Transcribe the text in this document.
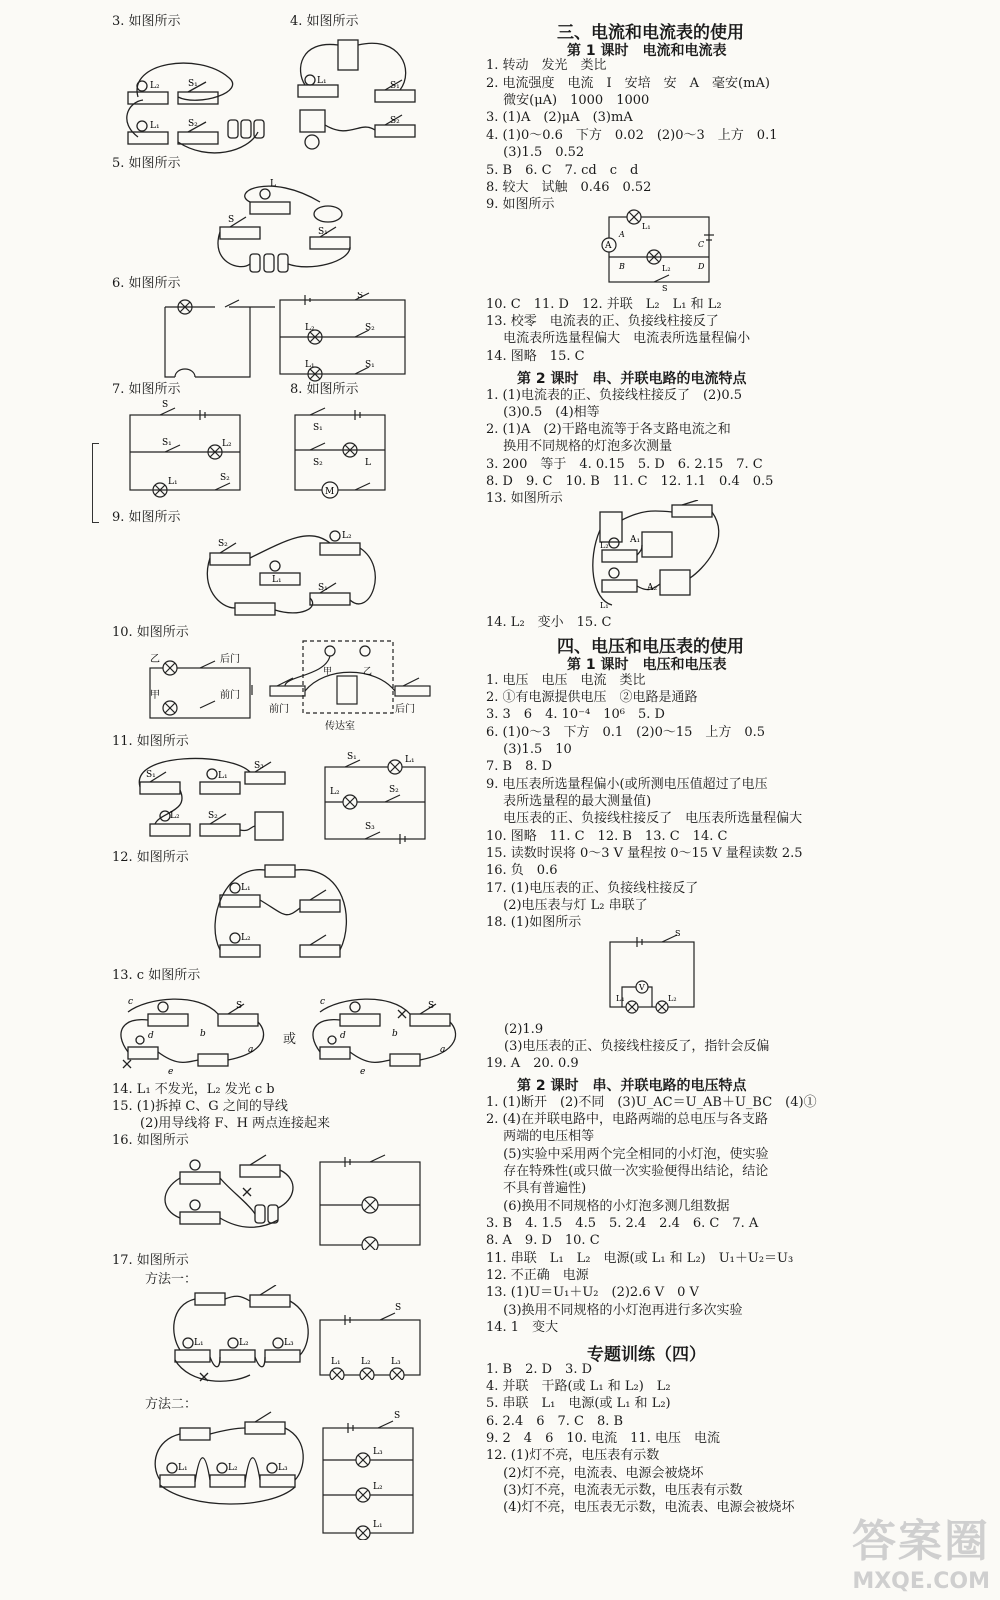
3. 如图所示	4. 如图所示
L₂
L₁
S₁
S₂
L₁	S₁
S₂
5. 如图所示
L
S
S₁
6. 如图所示
S
L₂	S₂
L₁	S₁
7. 如图所示	8. 如图所示
S
S₁	L₂
L₁	S₂
S₁
S₂	L
M
9. 如图所示
S₂
L₂
L₁
S₁
10. 如图所示
乙	后门
甲	前门
甲	乙
前门	后门
传达室
11. 如图所示
S₁	L₁
S₃
L₂	S₂
S₁	L₁
L₂	S₂
S₃
12. 如图所示
L₁
L₂
13. c 如图所示
c
d	b
a
e
S
或
c
d	b
a
e
S
14. L₁ 不发光，L₂ 发光 c b
15. (1)拆掉 C、G 之间的导线
(2)用导线将 F、H 两点连接起来
16. 如图所示
17. 如图所示
方法一：
L₁	L₂	L₃
S
L₁ L₂ L₃
方法二：
L₁	L₂	L₃
S
L₃
L₂
L₁
三、电流和电流表的使用
第 1 课时　电流和电流表
1. 转动　发光　类比
2. 电流强度　电流　I　安培　安　A　毫安(mA)
　 微安(μA)　1000　1000
3. (1)A　(2)μA　(3)mA
4. (1)0～0.6　下方　0.02　(2)0～3　上方　0.1
　 (3)1.5　0.52
5. B　6. C　7. cd　c　d
8. 较大　试触　0.46　0.52
9. 如图所示
L₁
L₂
A
A
B
C
D
S
10. C　11. D　12. 并联　L₂　L₁ 和 L₂
13. 校零　电流表的正、负接线柱接反了
　 电流表所选量程偏大　电流表所选量程偏小
14. 图略　15. C
第 2 课时　串、并联电路的电流特点
1. (1)电流表的正、负接线柱接反了　(2)0.5
　 (3)0.5　(4)相等
2. (1)A　(2)干路电流等于各支路电流之和
　 换用不同规格的灯泡多次测量
3. 200　等于　4. 0.15　5. D　6. 2.15　7. C
8. D　9. C　10. B　11. C　12. 1.1　0.4　0.5
13. 如图所示
A₁
A₂
L₂
L₁
14. L₂　变小　15. C
四、电压和电压表的使用
第 1 课时　电压和电压表
1. 电压　电压　电流　类比
2. ①有电源提供电压　②电路是通路
3. 3　6　4. 10⁻⁴　10⁶　5. D
6. (1)0～3　下方　0.1　(2)0～15　上方　0.5
　 (3)1.5　10
7. B　8. D
9. 电压表所选量程偏小(或所测电压值超过了电压
　 表所选量程的最大测量值)
　 电压表的正、负接线柱接反了　电压表所选量程偏大
10. 图略　11. C　12. B　13. C　14. C
15. 读数时误将 0～3 V 量程按 0～15 V 量程读数 2.5
16. 负　0.6
17. (1)电压表的正、负接线柱接反了
　 (2)电压表与灯 L₂ 串联了
18. (1)如图所示
V
S
L₁	L₂
(2)1.9
(3)电压表的正、负接线柱接反了，指针会反偏
19. A　20. 0.9
第 2 课时　串、并联电路的电压特点
1. (1)断开　(2)不同　(3)U_AC＝U_AB＋U_BC　(4)①
2. (4)在并联电路中，电路两端的总电压与各支路
　 两端的电压相等
　 (5)实验中采用两个完全相同的小灯泡，使实验
　 存在特殊性(或只做一次实验便得出结论，结论
　 不具有普遍性)
　 (6)换用不同规格的小灯泡多测几组数据
3. B　4. 1.5　4.5　5. 2.4　2.4　6. C　7. A
8. A　9. D　10. C
11. 串联　L₁　L₂　电源(或 L₁ 和 L₂)　U₁＋U₂＝U₃
12. 不正确　电源
13. (1)U＝U₁＋U₂　(2)2.6 V　0 V
　 (3)换用不同规格的小灯泡再进行多次实验
14. 1　变大
专题训练（四）
1. B　2. D　3. D
4. 并联　干路(或 L₁ 和 L₂)　L₂
5. 串联　L₁　电源(或 L₁ 和 L₂)
6. 2.4　6　7. C　8. B
9. 2　4　6　10. 电流　11. 电压　电流
12. (1)灯不亮，电压表有示数
　 (2)灯不亮，电流表、电源会被烧坏
　 (3)灯不亮，电流表无示数，电压表有示数
　 (4)灯不亮，电压表无示数，电流表、电源会被烧坏
答案圈
MXQE.COM
